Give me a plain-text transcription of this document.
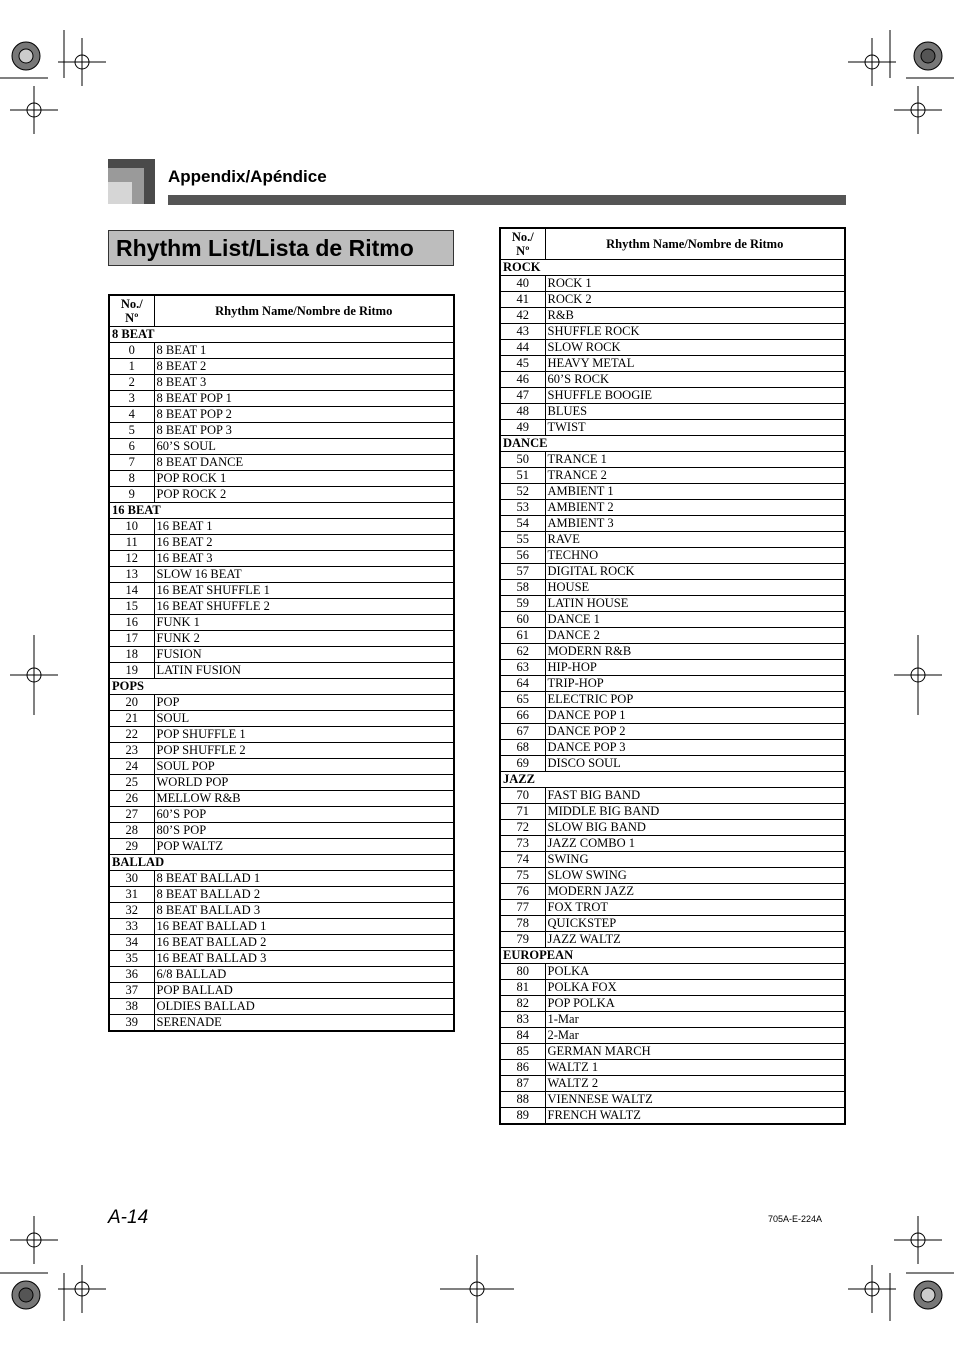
Appendix/Apéndice
Rhythm List/Lista de Ritmo
No./
Nº	Rhythm Name/Nombre de Ritmo
8 BEAT	
0	8 BEAT 1
1	8 BEAT 2
2	8 BEAT 3
3	8 BEAT POP 1
4	8 BEAT POP 2
5	8 BEAT POP 3
6	60’S SOUL
7	8 BEAT DANCE
8	POP ROCK 1
9	POP ROCK 2
16 BEAT	
10	16 BEAT 1
11	16 BEAT 2
12	16 BEAT 3
13	SLOW 16 BEAT
14	16 BEAT SHUFFLE 1
15	16 BEAT SHUFFLE 2
16	FUNK 1
17	FUNK 2
18	FUSION
19	LATIN FUSION
POPS	
20	POP
21	SOUL
22	POP SHUFFLE 1
23	POP SHUFFLE 2
24	SOUL POP
25	WORLD POP
26	MELLOW R&B
27	60’S POP
28	80’S POP
29	POP WALTZ
BALLAD	
30	8 BEAT BALLAD 1
31	8 BEAT BALLAD 2
32	8 BEAT BALLAD 3
33	16 BEAT BALLAD 1
34	16 BEAT BALLAD 2
35	16 BEAT BALLAD 3
36	6/8 BALLAD
37	POP BALLAD
38	OLDIES BALLAD
39	SERENADE
No./
Nº	Rhythm Name/Nombre de Ritmo
ROCK	
40	ROCK 1
41	ROCK 2
42	R&B
43	SHUFFLE ROCK
44	SLOW ROCK
45	HEAVY METAL
46	60’S ROCK
47	SHUFFLE BOOGIE
48	BLUES
49	TWIST
DANCE	
50	TRANCE 1
51	TRANCE 2
52	AMBIENT 1
53	AMBIENT 2
54	AMBIENT 3
55	RAVE
56	TECHNO
57	DIGITAL ROCK
58	HOUSE
59	LATIN HOUSE
60	DANCE 1
61	DANCE 2
62	MODERN R&B
63	HIP-HOP
64	TRIP-HOP
65	ELECTRIC POP
66	DANCE POP 1
67	DANCE POP 2
68	DANCE POP 3
69	DISCO SOUL
JAZZ	
70	FAST BIG BAND
71	MIDDLE BIG BAND
72	SLOW BIG BAND
73	JAZZ COMBO 1
74	SWING
75	SLOW SWING
76	MODERN JAZZ
77	FOX TROT
78	QUICKSTEP
79	JAZZ WALTZ
EUROPEAN	
80	POLKA
81	POLKA FOX
82	POP POLKA
83	1-Mar
84	2-Mar
85	GERMAN MARCH
86	WALTZ 1
87	WALTZ 2
88	VIENNESE WALTZ
89	FRENCH WALTZ
A-14	705A-E-224A
